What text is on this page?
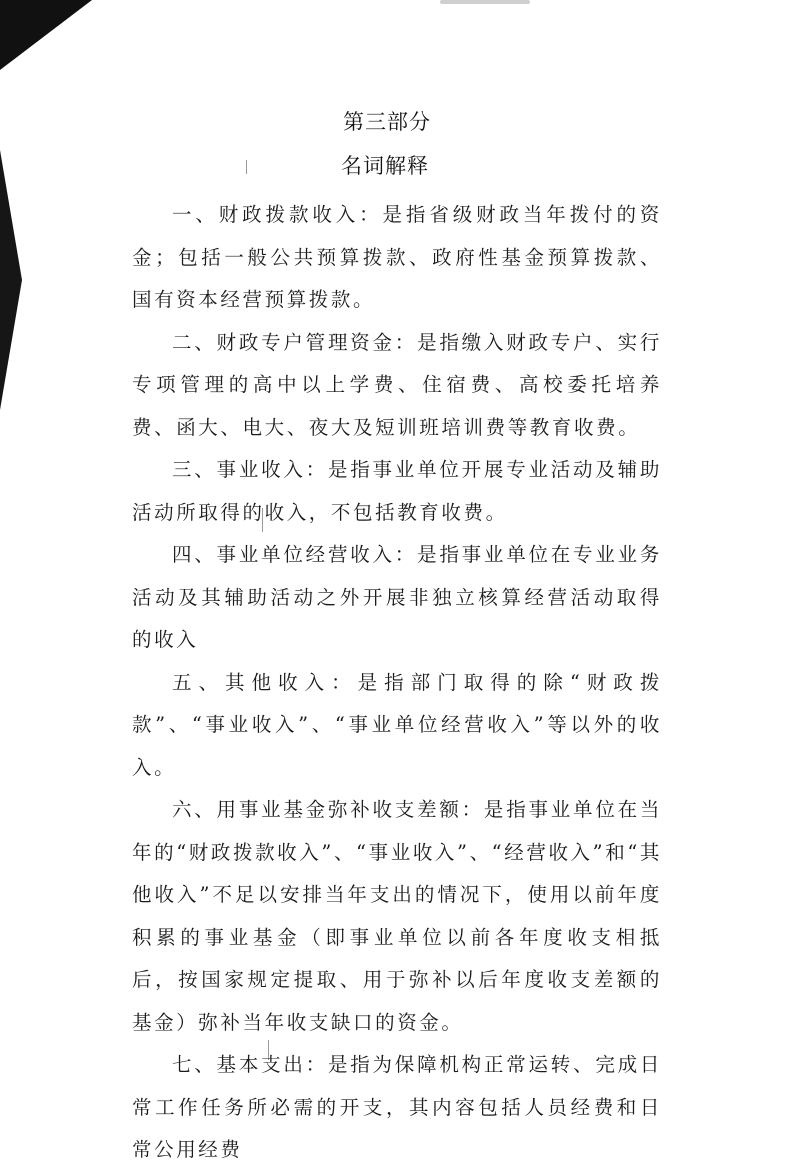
第三部分
名词解释

一、财政拨款收入：是指省级财政当年拨付的资金；包括一般公共预算拨款、政府性基金预算拨款、国有资本经营预算拨款。

二、财政专户管理资金：是指缴入财政专户、实行专项管理的高中以上学费、住宿费、高校委托培养费、函大、电大、夜大及短训班培训费等教育收费。

三、事业收入：是指事业单位开展专业活动及辅助活动所取得的收入，不包括教育收费。

四、事业单位经营收入：是指事业单位在专业业务活动及其辅助活动之外开展非独立核算经营活动取得的收入

五、其他收入：是指部门取得的除“财政拨款”、“事业收入”、“事业单位经营收入”等以外的收入。

六、用事业基金弥补收支差额：是指事业单位在当年的“财政拨款收入”、“事业收入”、“经营收入”和“其他收入”不足以安排当年支出的情况下，使用以前年度积累的事业基金（即事业单位以前各年度收支相抵后，按国家规定提取、用于弥补以后年度收支差额的基金）弥补当年收支缺口的资金。

七、基本支出：是指为保障机构正常运转、完成日常工作任务所必需的开支，其内容包括人员经费和日常公用经费
